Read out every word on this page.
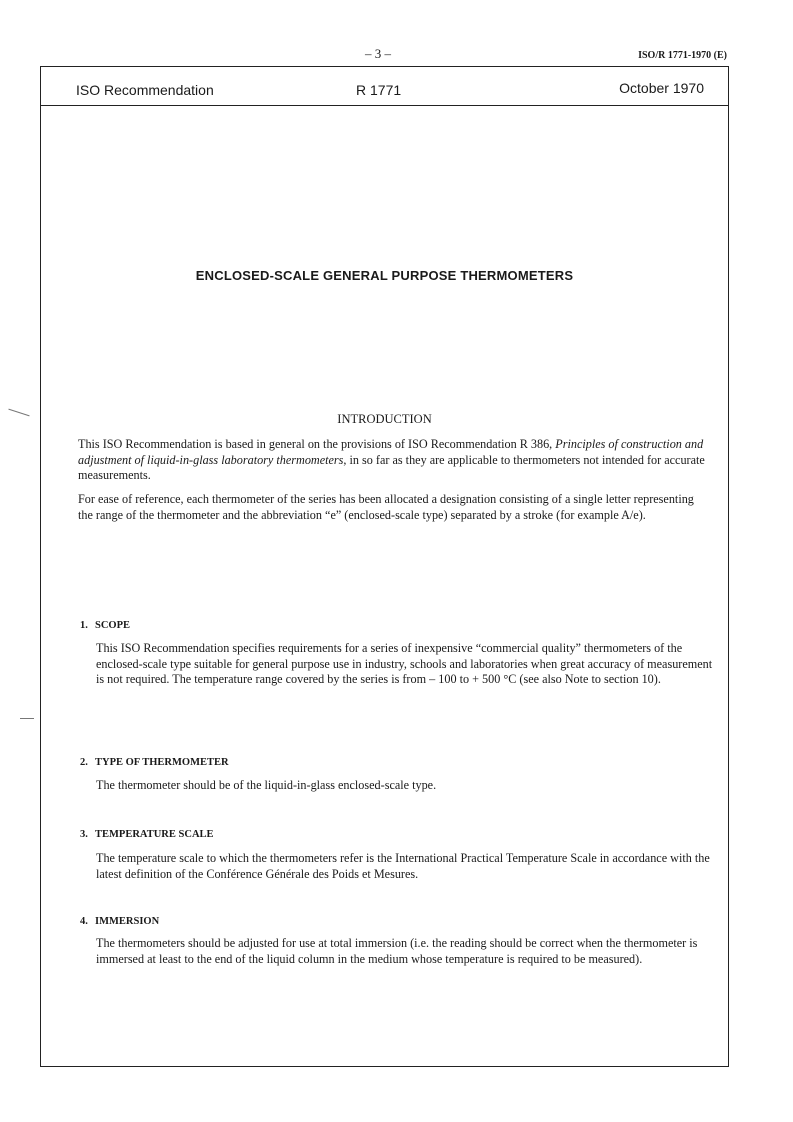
– 3 –	ISO/R 1771-1970 (E)
ISO Recommendation	R 1771	October 1970
ENCLOSED-SCALE GENERAL PURPOSE THERMOMETERS
INTRODUCTION

This ISO Recommendation is based in general on the provisions of ISO Recommendation R 386, Principles of construction and adjustment of liquid-in-glass laboratory thermometers, in so far as they are applicable to thermometers not intended for accurate measurements.

For ease of reference, each thermometer of the series has been allocated a designation consisting of a single letter representing the range of the thermometer and the abbreviation “e” (enclosed-scale type) separated by a stroke (for example A/e).

1. SCOPE

This ISO Recommendation specifies requirements for a series of inexpensive “commercial quality” thermometers of the enclosed-scale type suitable for general purpose use in industry, schools and laboratories when great accuracy of measurement is not required. The temperature range covered by the series is from – 100 to + 500 °C (see also Note to section 10).

2. TYPE OF THERMOMETER

The thermometer should be of the liquid-in-glass enclosed-scale type.

3. TEMPERATURE SCALE

The temperature scale to which the thermometers refer is the International Practical Temperature Scale in accordance with the latest definition of the Conférence Générale des Poids et Mesures.

4. IMMERSION

The thermometers should be adjusted for use at total immersion (i.e. the reading should be correct when the thermometer is immersed at least to the end of the liquid column in the medium whose temperature is required to be measured).
